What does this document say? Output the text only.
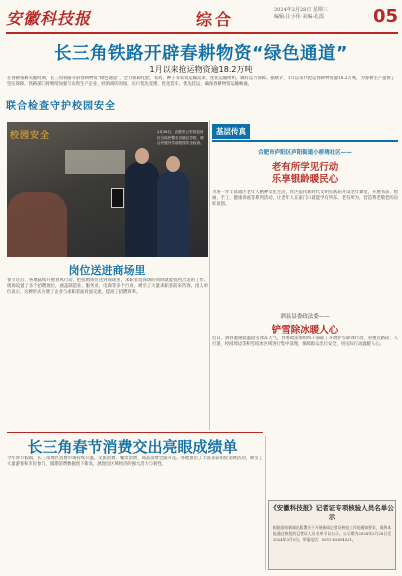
安徽科技报	综合	2024年2月28日 星期三
编辑:汪小伟 美编:孔霞	05
长三角铁路开辟春耕物资“绿色通道”
1月以来抢运物资逾18.2万吨
在春耕备耕关键时期，长三角铁路开辟春耕物资“绿色通道”，全力保障化肥、农药、种子等农资运输需求，优化运输组织，做好运力保障。据统计，1月以来共抢运春耕物资逾18.2万吨，为春耕生产提供了坚实保障。铁路部门将继续加强与农资生产企业、经销商的对接，实行优先受理、优先装车、优先挂运，确保春耕物资运输畅通。
联合检查守护校园安全
校园安全	2月26日，合肥市公安局包河区分局民警走访辖区学校，联合开展开学前校园安全检查。
岗位送进商场里
春节过后，各地陆续开展春风行动，把招聘岗位送到商场里，求职者逛商场的同时就能找到合适的工作。现场设置了多个招聘展位，涵盖制造业、服务业、电商等多个行业，吸引了大量求职者前来咨询。用人单位表示，这种形式方便了企业与求职者面对面交流，提高了招聘效率。
长三角春节消费交出亮眼成绩单
今年春节假期，长三角地区消费市场持续升温，文旅消费、餐饮消费、商品消费全面开花。各地推出了丰富多彩的促消费活动，吸引了大量游客和市民参与，假期消费数据创下新高，展现出区域经济的强大活力与韧性。
基层传真
合肥市庐阳区庐阳街道小桥湾社区——
老有所学见行动
乐享银龄暖民心
为进一步丰富辖区老年人精神文化生活，社区依托新时代文明实践站开设老年课堂，开展书法、绘画、手工、健康讲座等系列活动，让老年人在家门口就能学有所乐、老有所为，营造尊老敬老的良好氛围。
泗县县委政法委——
铲雪除冰暖人心
近日，泗县遭遇低温雨雪冰冻天气，县委政法委组织干部职工开展铲雪除冰行动，对重点路段、人行道、校园周边等积雪结冰区域进行集中清理，保障群众出行安全，用实际行动温暖人心。
《安徽科技报》记者证专项核验人员名单公示
根据国家新闻出版署关于开展新闻记者证核验工作的通知要求，现将本报通过核验的记者证人员名单予以公示。公示期为2024年2月28日至2024年3月5日，举报电话：0551-62654321。
